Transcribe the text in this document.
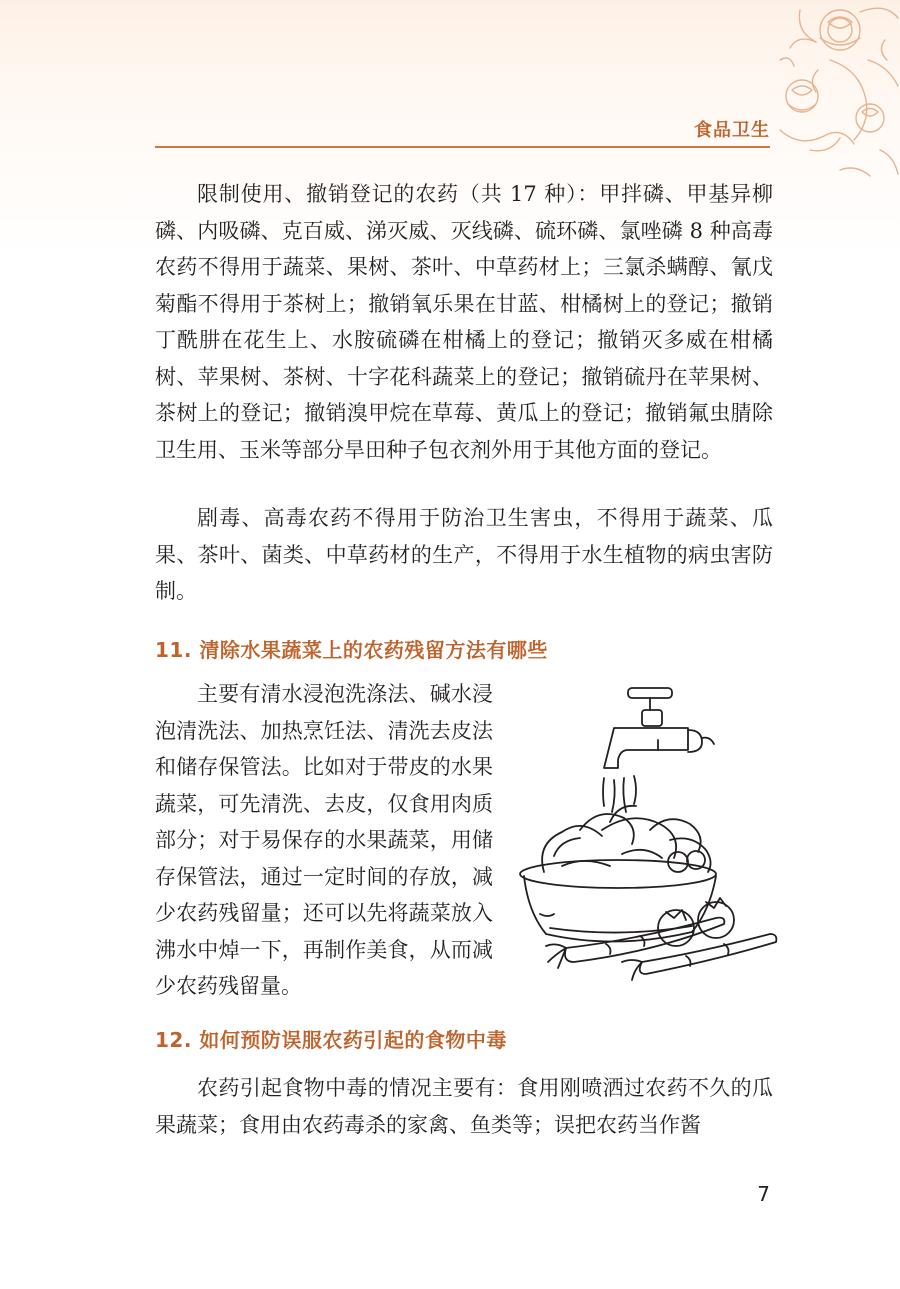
食品卫生

限制使用、撤销登记的农药（共 17 种）：甲拌磷、甲基异柳磷、内吸磷、克百威、涕灭威、灭线磷、硫环磷、氯唑磷 8 种高毒农药不得用于蔬菜、果树、茶叶、中草药材上；三氯杀螨醇、氰戊菊酯不得用于茶树上；撤销氧乐果在甘蓝、柑橘树上的登记；撤销丁酰肼在花生上、水胺硫磷在柑橘上的登记；撤销灭多威在柑橘树、苹果树、茶树、十字花科蔬菜上的登记；撤销硫丹在苹果树、茶树上的登记；撤销溴甲烷在草莓、黄瓜上的登记；撤销氟虫腈除卫生用、玉米等部分旱田种子包衣剂外用于其他方面的登记。

剧毒、高毒农药不得用于防治卫生害虫，不得用于蔬菜、瓜果、茶叶、菌类、中草药材的生产，不得用于水生植物的病虫害防制。

11. 清除水果蔬菜上的农药残留方法有哪些

主要有清水浸泡洗涤法、碱水浸泡清洗法、加热烹饪法、清洗去皮法和储存保管法。比如对于带皮的水果蔬菜，可先清洗、去皮，仅食用肉质部分；对于易保存的水果蔬菜，用储存保管法，通过一定时间的存放，减少农药残留量；还可以先将蔬菜放入沸水中焯一下，再制作美食，从而减少农药残留量。

12. 如何预防误服农药引起的食物中毒

农药引起食物中毒的情况主要有：食用刚喷洒过农药不久的瓜果蔬菜；食用由农药毒杀的家禽、鱼类等；误把农药当作酱

7
